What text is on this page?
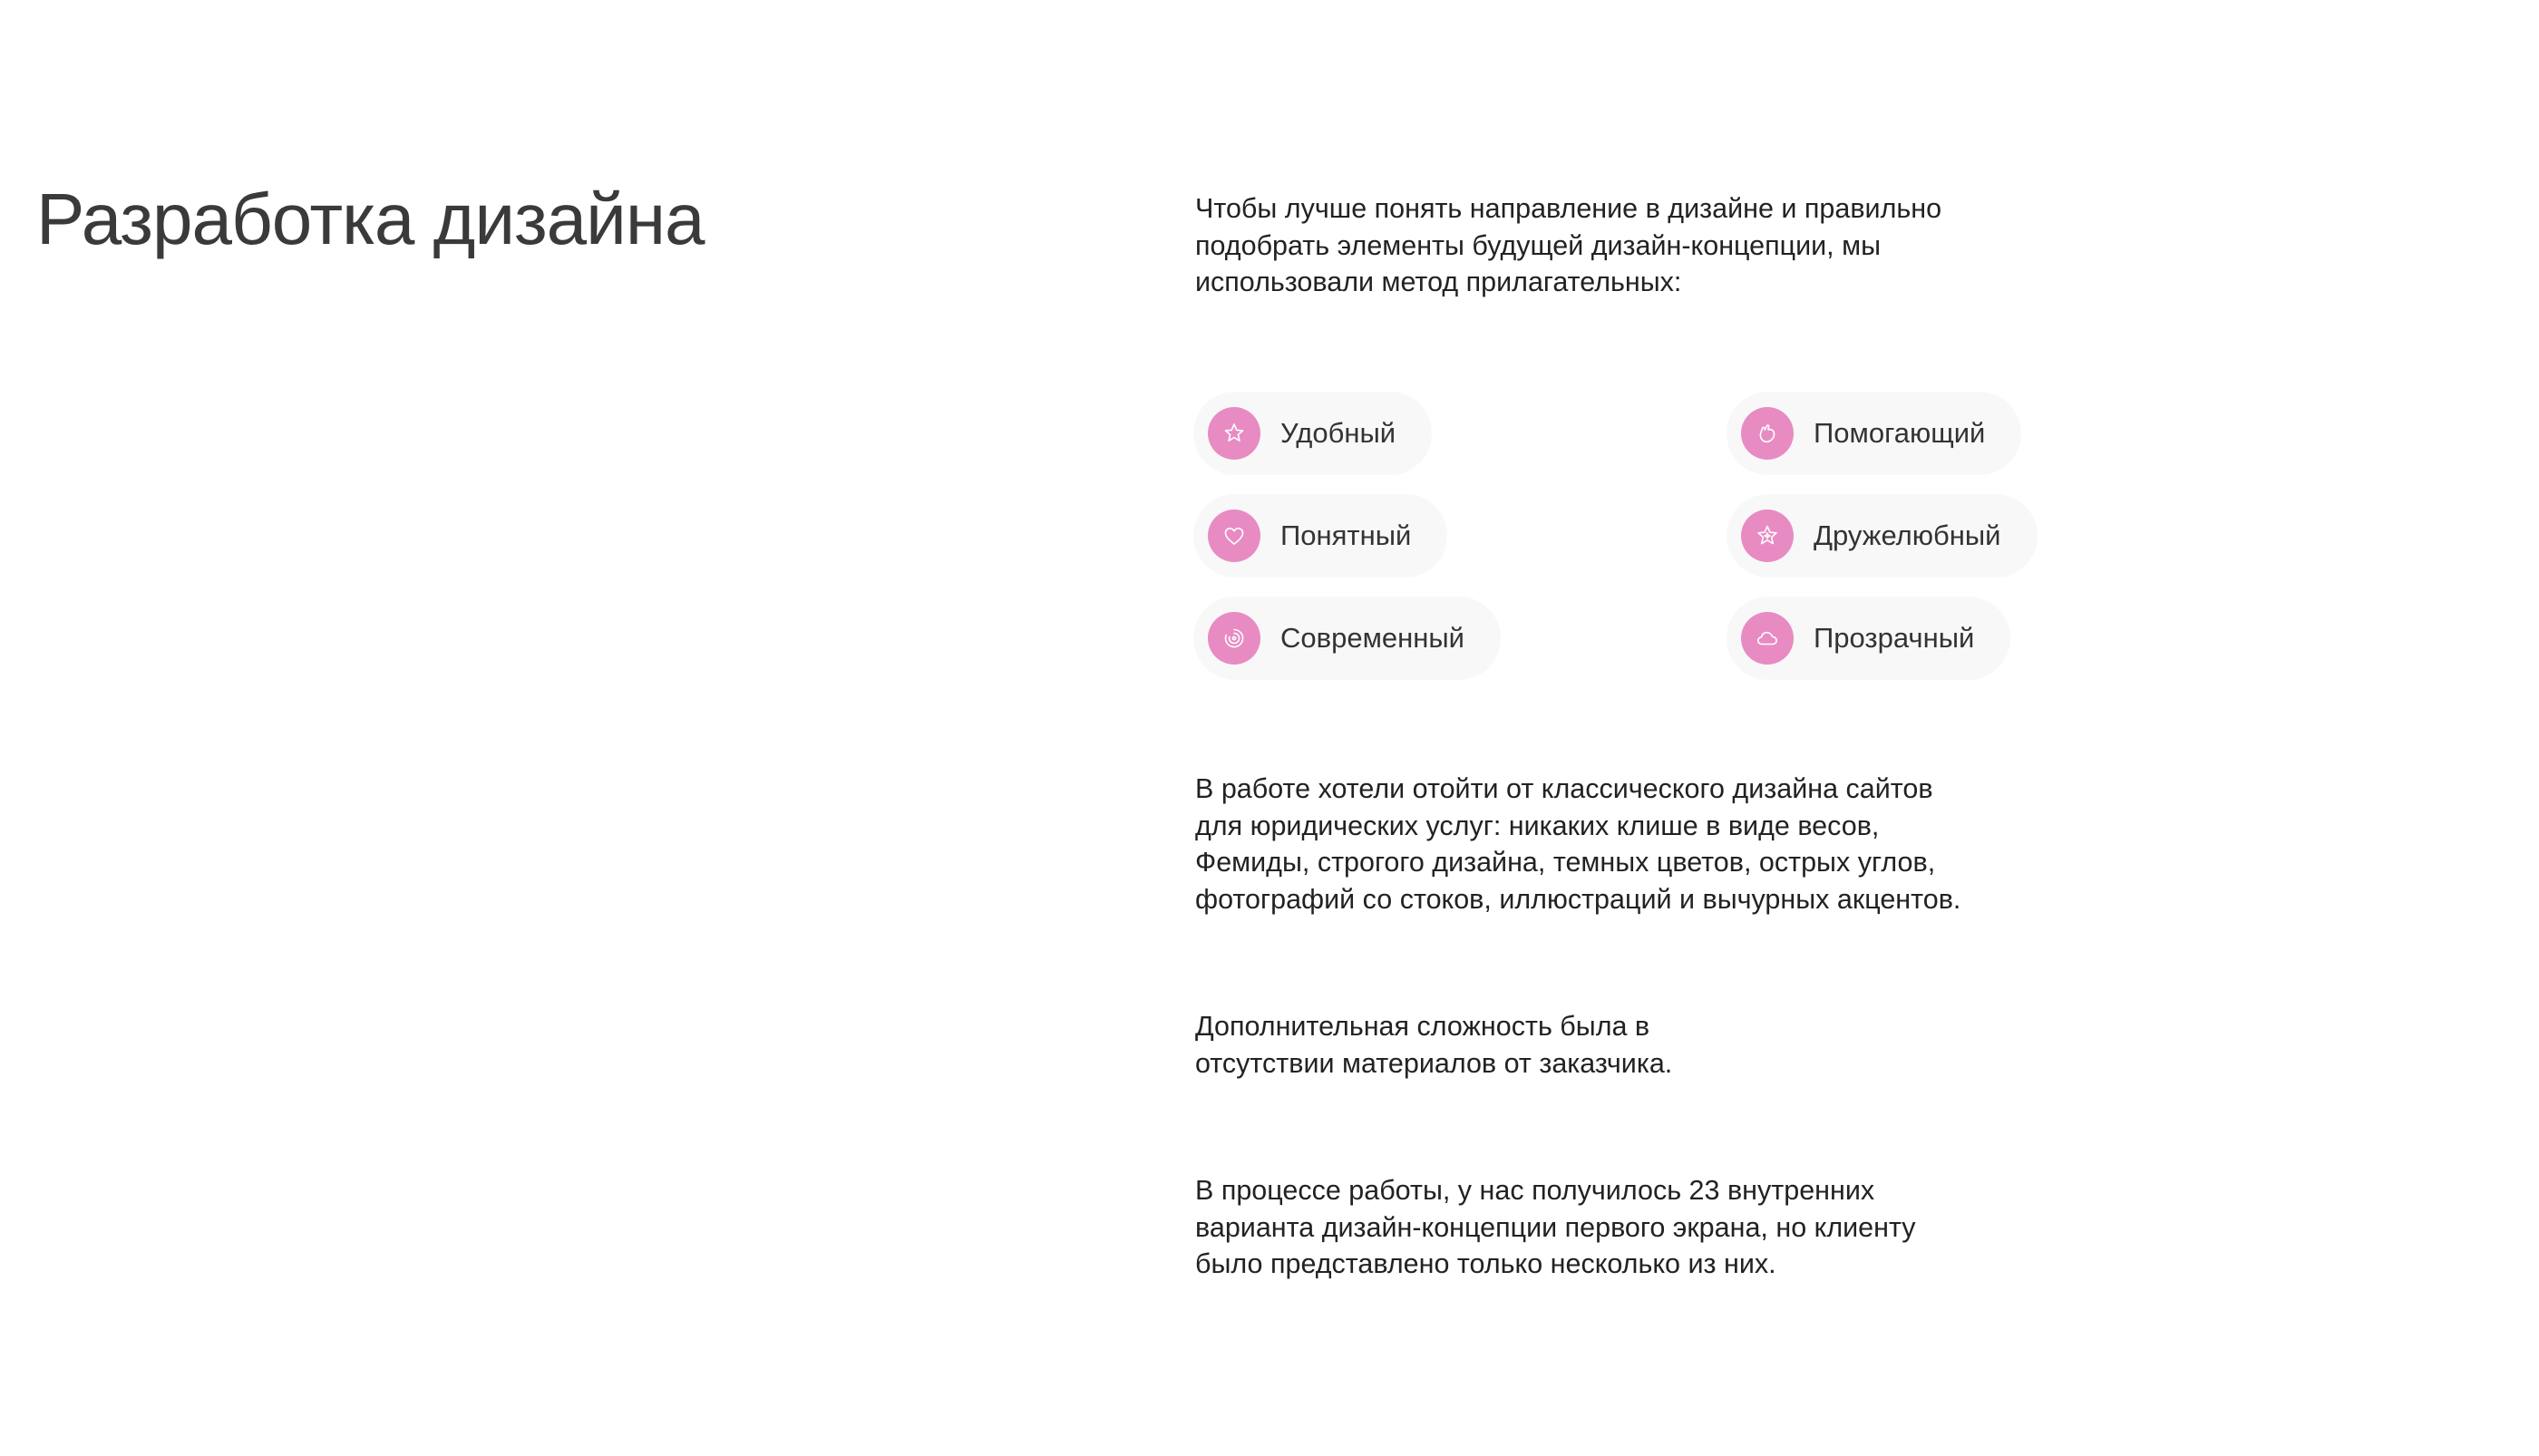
Разработка дизайна	Чтобы лучше понять направление в дизайне и правильно
подобрать элементы будущей дизайн-концепции, мы
использовали метод прилагательных:

Удобный
Понятный
Современный
Помогающий
Дружелюбный
Прозрачный

В работе хотели отойти от классического дизайна сайтов
для юридических услуг: никаких клише в виде весов,
Фемиды, строгого дизайна, темных цветов, острых углов,
фотографий со стоков, иллюстраций и вычурных акцентов.

Дополнительная сложность была в
отсутствии материалов от заказчика.

В процессе работы, у нас получилось 23 внутренних
варианта дизайн-концепции первого экрана, но клиенту
было представлено только несколько из них.
